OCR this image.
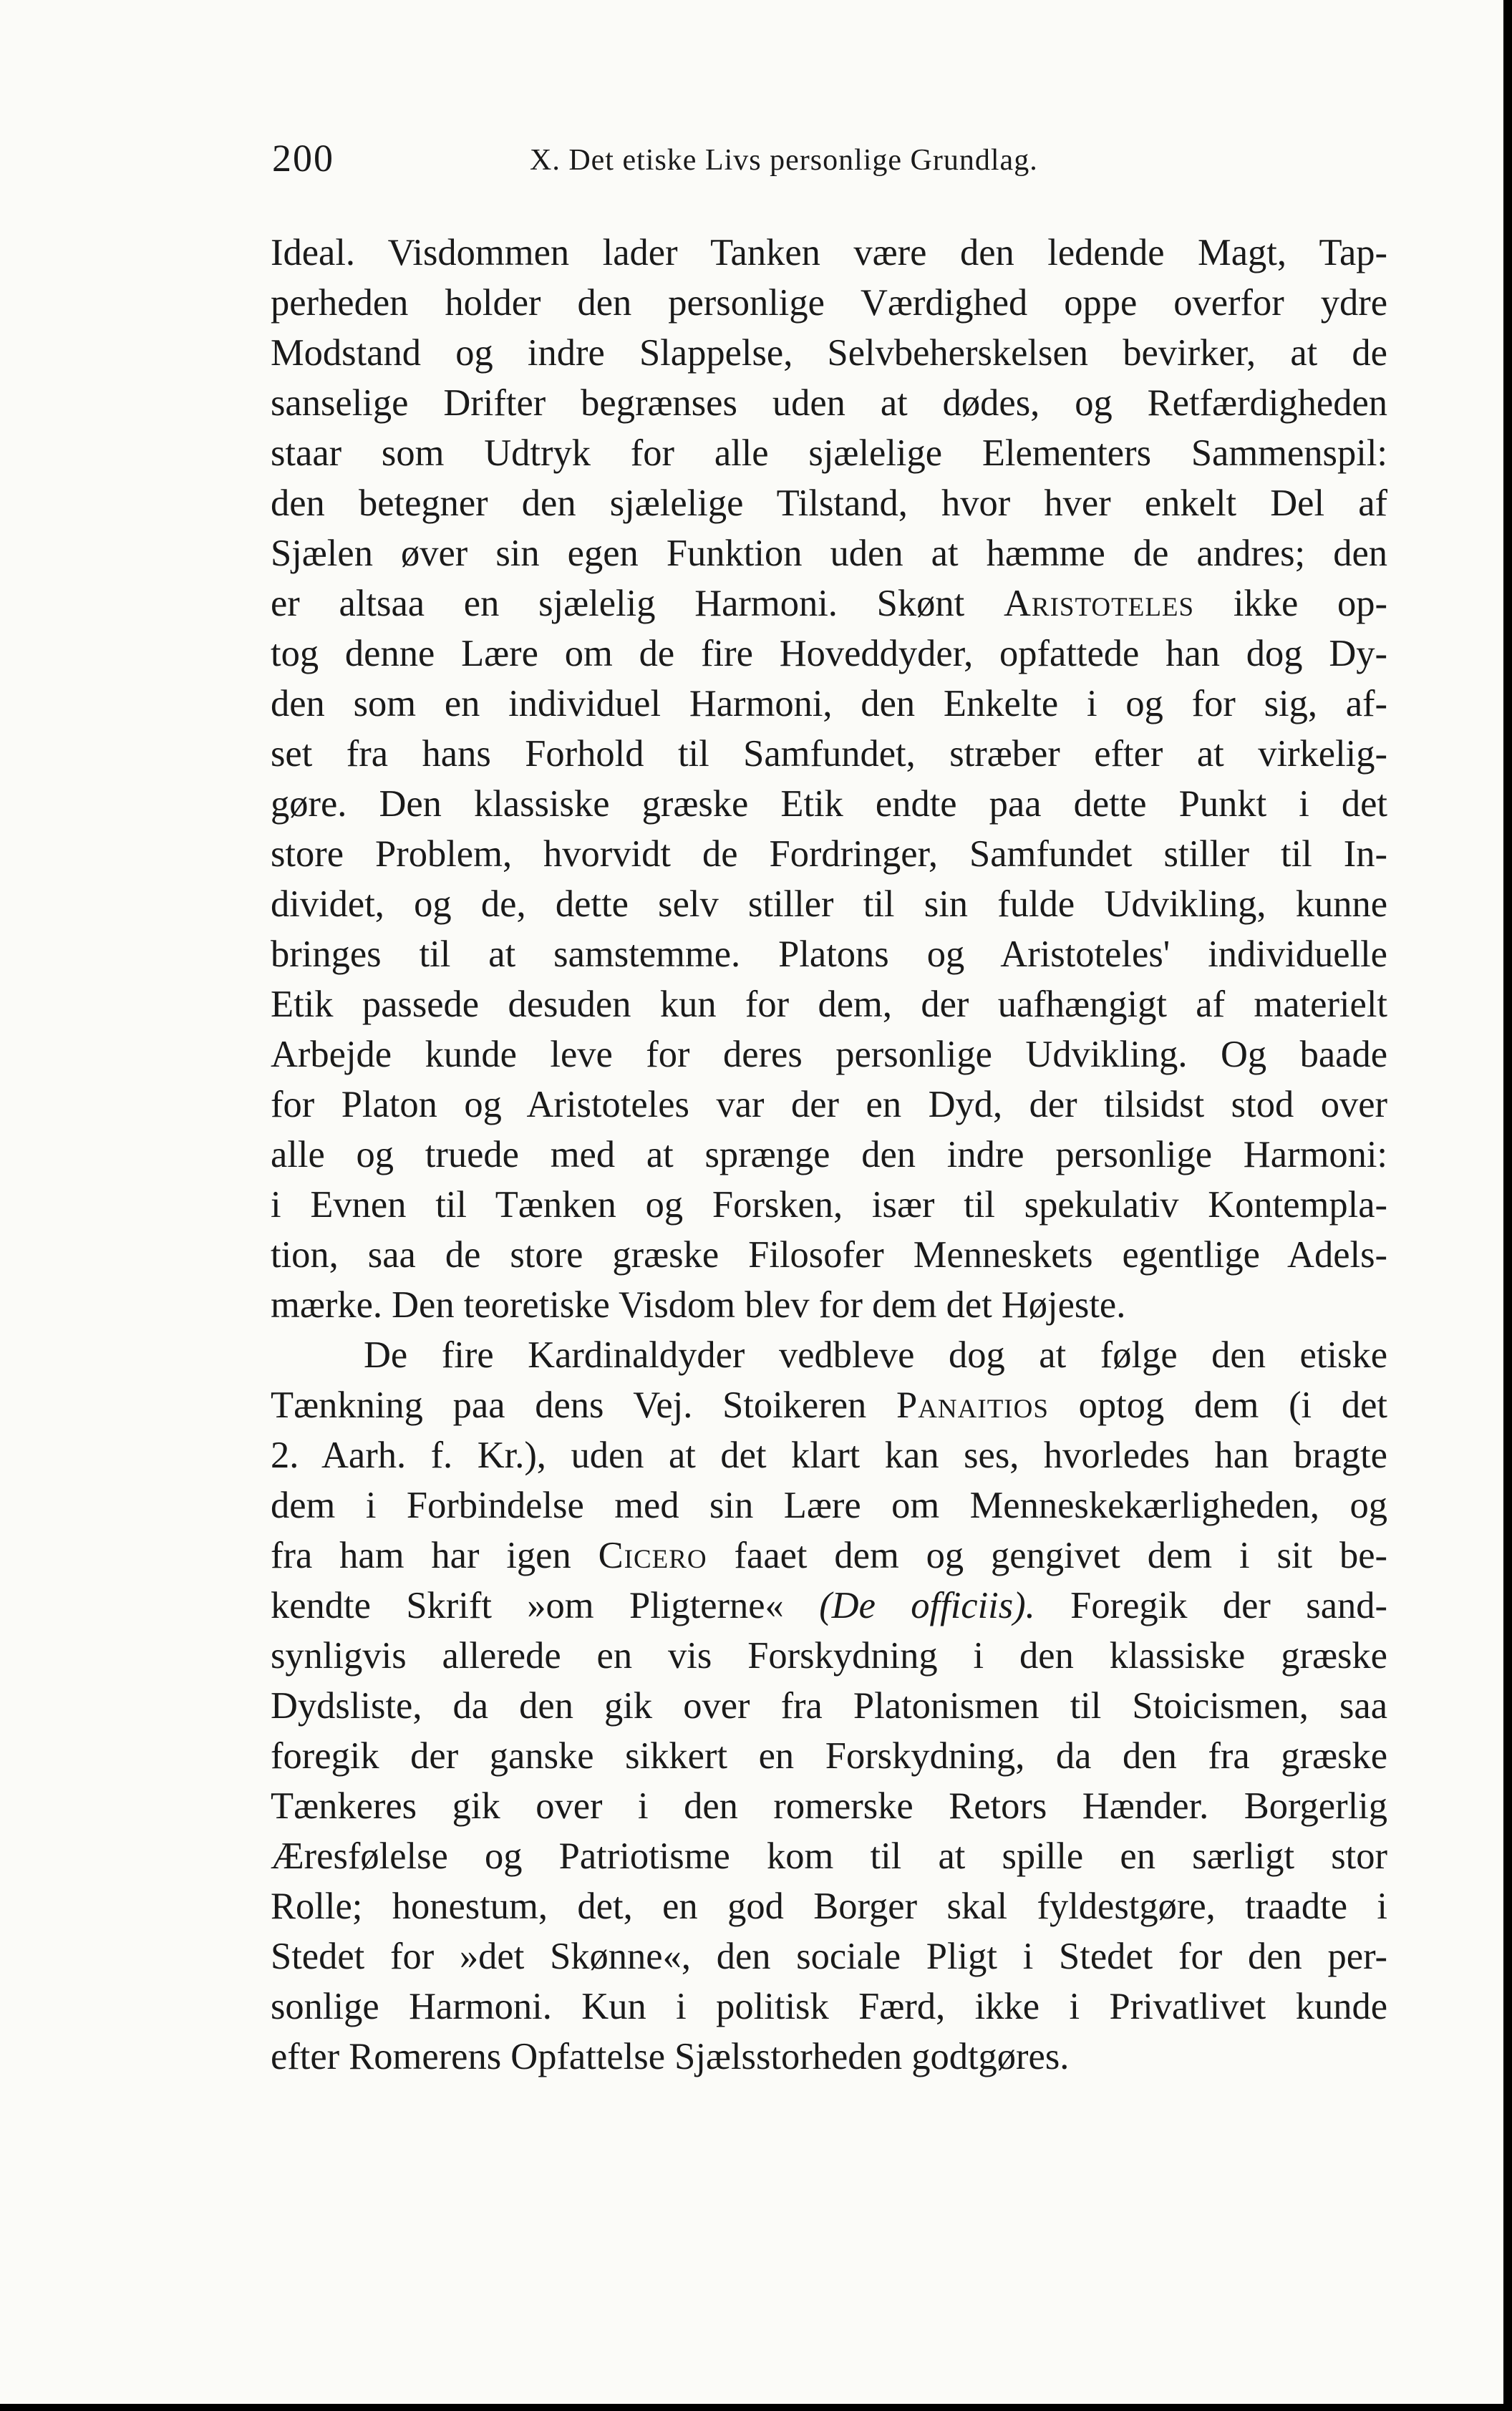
200	X. Det etiske Livs personlige Grundlag.
Ideal. Visdommen lader Tanken være den ledende Magt, Tap-
perheden holder den personlige Værdighed oppe overfor ydre
Modstand og indre Slappelse, Selvbeherskelsen bevirker, at de
sanselige Drifter begrænses uden at dødes, og Retfærdigheden
staar som Udtryk for alle sjælelige Elementers Sammenspil:
den betegner den sjælelige Tilstand, hvor hver enkelt Del af
Sjælen øver sin egen Funktion uden at hæmme de andres; den
er altsaa en sjælelig Harmoni. Skønt Aristoteles ikke op-
tog denne Lære om de fire Hoveddyder, opfattede han dog Dy-
den som en individuel Harmoni, den Enkelte i og for sig, af-
set fra hans Forhold til Samfundet, stræber efter at virkelig-
gøre. Den klassiske græske Etik endte paa dette Punkt i det
store Problem, hvorvidt de Fordringer, Samfundet stiller til In-
dividet, og de, dette selv stiller til sin fulde Udvikling, kunne
bringes til at samstemme. Platons og Aristoteles' individuelle
Etik passede desuden kun for dem, der uafhængigt af materielt
Arbejde kunde leve for deres personlige Udvikling. Og baade
for Platon og Aristoteles var der en Dyd, der tilsidst stod over
alle og truede med at sprænge den indre personlige Harmoni:
i Evnen til Tænken og Forsken, især til spekulativ Kontempla-
tion, saa de store græske Filosofer Menneskets egentlige Adels-
mærke. Den teoretiske Visdom blev for dem det Højeste.
De fire Kardinaldyder vedbleve dog at følge den etiske
Tænkning paa dens Vej. Stoikeren Panaitios optog dem (i det
2. Aarh. f. Kr.), uden at det klart kan ses, hvorledes han bragte
dem i Forbindelse med sin Lære om Menneskekærligheden, og
fra ham har igen Cicero faaet dem og gengivet dem i sit be-
kendte Skrift »om Pligterne« (De officiis). Foregik der sand-
synligvis allerede en vis Forskydning i den klassiske græske
Dydsliste, da den gik over fra Platonismen til Stoicismen, saa
foregik der ganske sikkert en Forskydning, da den fra græske
Tænkeres gik over i den romerske Retors Hænder. Borgerlig
Æresfølelse og Patriotisme kom til at spille en særligt stor
Rolle; honestum, det, en god Borger skal fyldestgøre, traadte i
Stedet for »det Skønne«, den sociale Pligt i Stedet for den per-
sonlige Harmoni. Kun i politisk Færd, ikke i Privatlivet kunde
efter Romerens Opfattelse Sjælsstorheden godtgøres.
